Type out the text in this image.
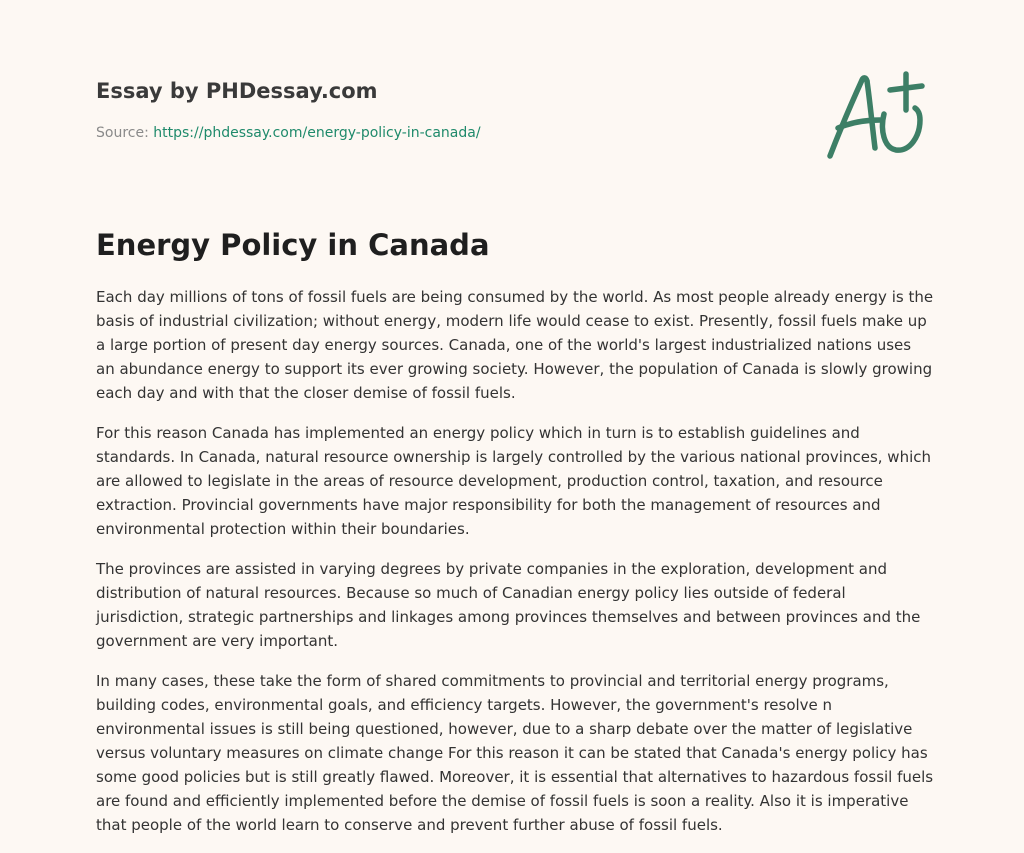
Essay by PHDessay.com
Source: https://phdessay.com/energy-policy-in-canada/
Energy Policy in Canada

Each day millions of tons of fossil fuels are being consumed by the world. As most people already energy is the basis of industrial civilization; without energy, modern life would cease to exist. Presently, fossil fuels make up a large portion of present day energy sources. Canada, one of the world's largest industrialized nations uses an abundance energy to support its ever growing society. However, the population of Canada is slowly growing each day and with that the closer demise of fossil fuels.

For this reason Canada has implemented an energy policy which in turn is to establish guidelines and standards. In Canada, natural resource ownership is largely controlled by the various national provinces, which are allowed to legislate in the areas of resource development, production control, taxation, and resource extraction. Provincial governments have major responsibility for both the management of resources and environmental protection within their boundaries.

The provinces are assisted in varying degrees by private companies in the exploration, development and distribution of natural resources. Because so much of Canadian energy policy lies outside of federal jurisdiction, strategic partnerships and linkages among provinces themselves and between provinces and the government are very important.

In many cases, these take the form of shared commitments to provincial and territorial energy programs, building codes, environmental goals, and efficiency targets. However, the government's resolve n environmental issues is still being questioned, however, due to a sharp debate over the matter of legislative versus voluntary measures on climate change For this reason it can be stated that Canada's energy policy has some good policies but is still greatly flawed. Moreover, it is essential that alternatives to hazardous fossil fuels are found and efficiently implemented before the demise of fossil fuels is soon a reality. Also it is imperative that people of the world learn to conserve and prevent further abuse of fossil fuels.
